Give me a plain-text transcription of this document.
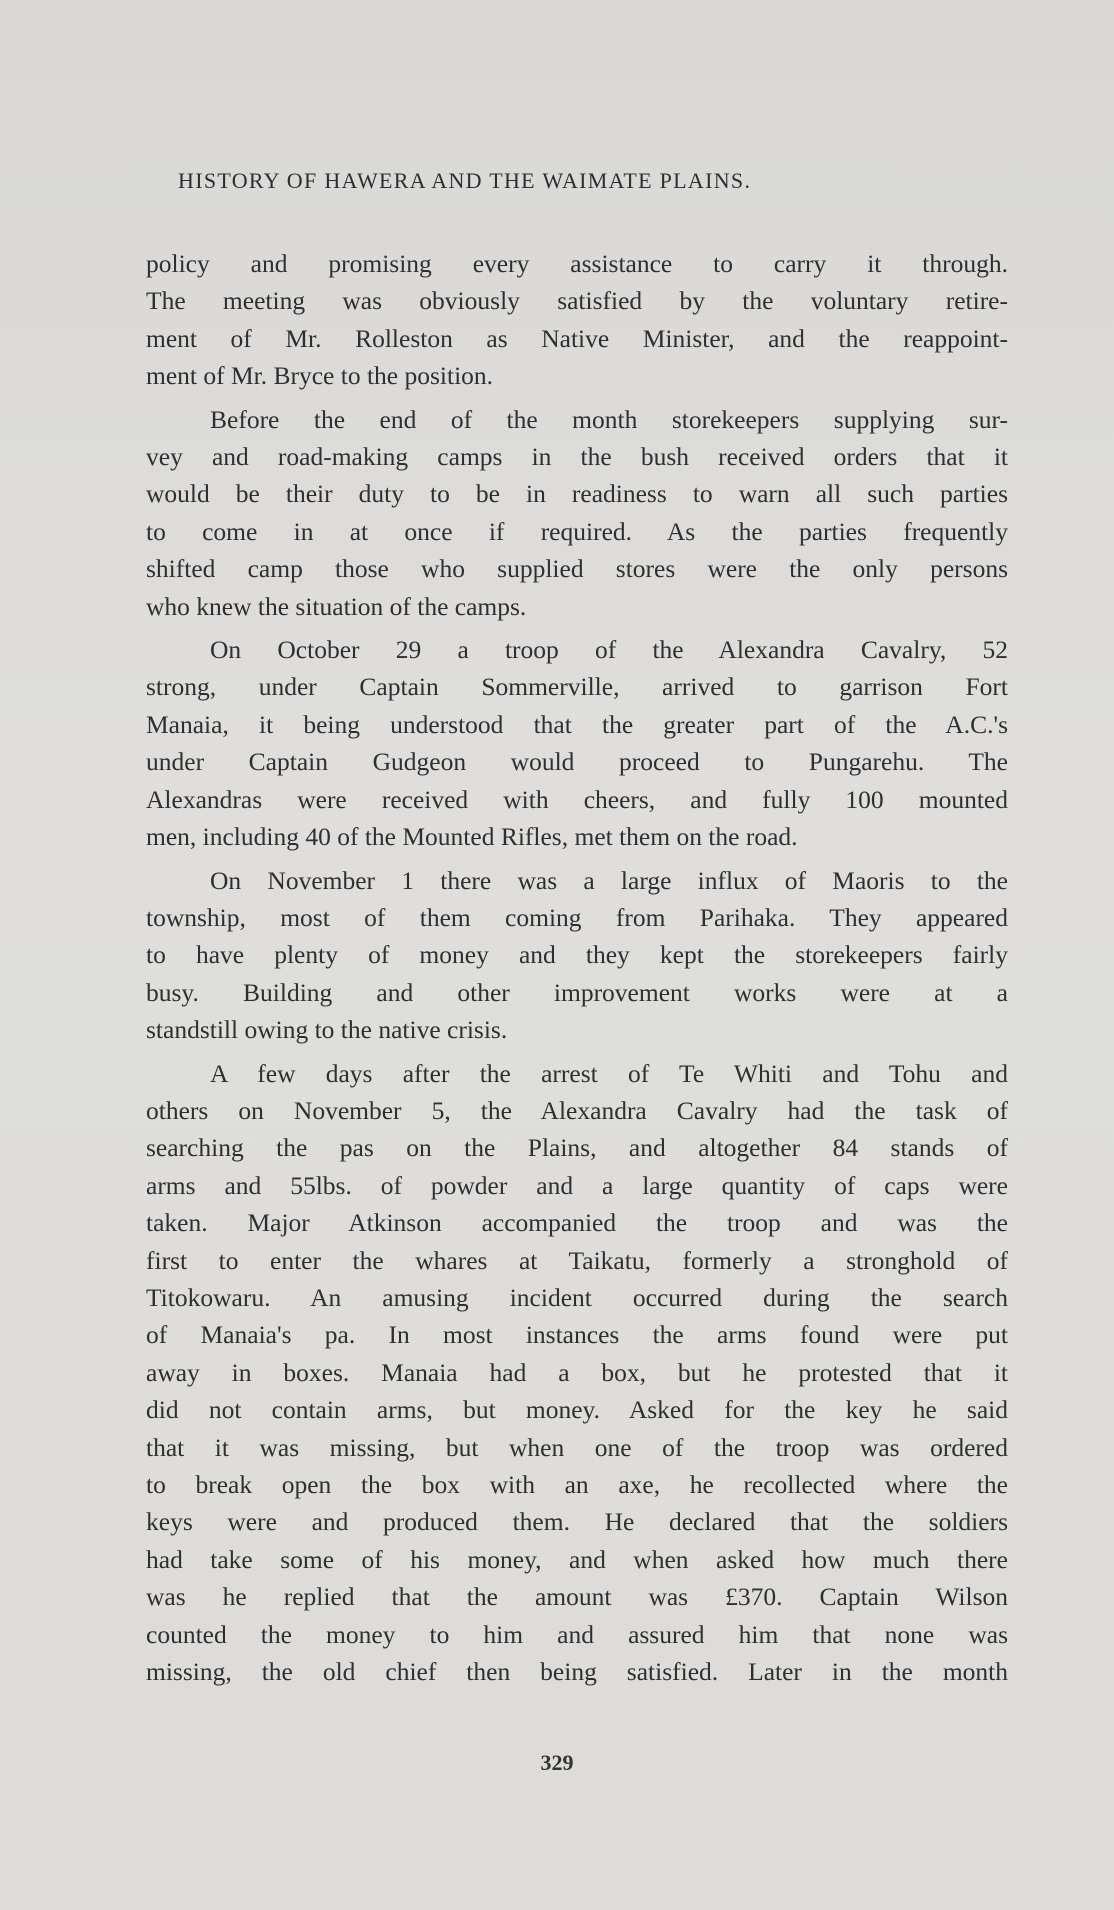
HISTORY OF HAWERA AND THE WAIMATE PLAINS.
policy and promising every assistance to carry it through.
The meeting was obviously satisfied by the voluntary retire-
ment of Mr. Rolleston as Native Minister, and the reappoint-
ment of Mr. Bryce to the position.
Before the end of the month storekeepers supplying sur-
vey and road-making camps in the bush received orders that it
would be their duty to be in readiness to warn all such parties
to come in at once if required. As the parties frequently
shifted camp those who supplied stores were the only persons
who knew the situation of the camps.
On October 29 a troop of the Alexandra Cavalry, 52
strong, under Captain Sommerville, arrived to garrison Fort
Manaia, it being understood that the greater part of the A.C.'s
under Captain Gudgeon would proceed to Pungarehu. The
Alexandras were received with cheers, and fully 100 mounted
men, including 40 of the Mounted Rifles, met them on the road.
On November 1 there was a large influx of Maoris to the
township, most of them coming from Parihaka. They appeared
to have plenty of money and they kept the storekeepers fairly
busy. Building and other improvement works were at a
standstill owing to the native crisis.
A few days after the arrest of Te Whiti and Tohu and
others on November 5, the Alexandra Cavalry had the task of
searching the pas on the Plains, and altogether 84 stands of
arms and 55lbs. of powder and a large quantity of caps were
taken. Major Atkinson accompanied the troop and was the
first to enter the whares at Taikatu, formerly a stronghold of
Titokowaru. An amusing incident occurred during the search
of Manaia's pa. In most instances the arms found were put
away in boxes. Manaia had a box, but he protested that it
did not contain arms, but money. Asked for the key he said
that it was missing, but when one of the troop was ordered
to break open the box with an axe, he recollected where the
keys were and produced them. He declared that the soldiers
had take some of his money, and when asked how much there
was he replied that the amount was £370. Captain Wilson
counted the money to him and assured him that none was
missing, the old chief then being satisfied. Later in the month
329
